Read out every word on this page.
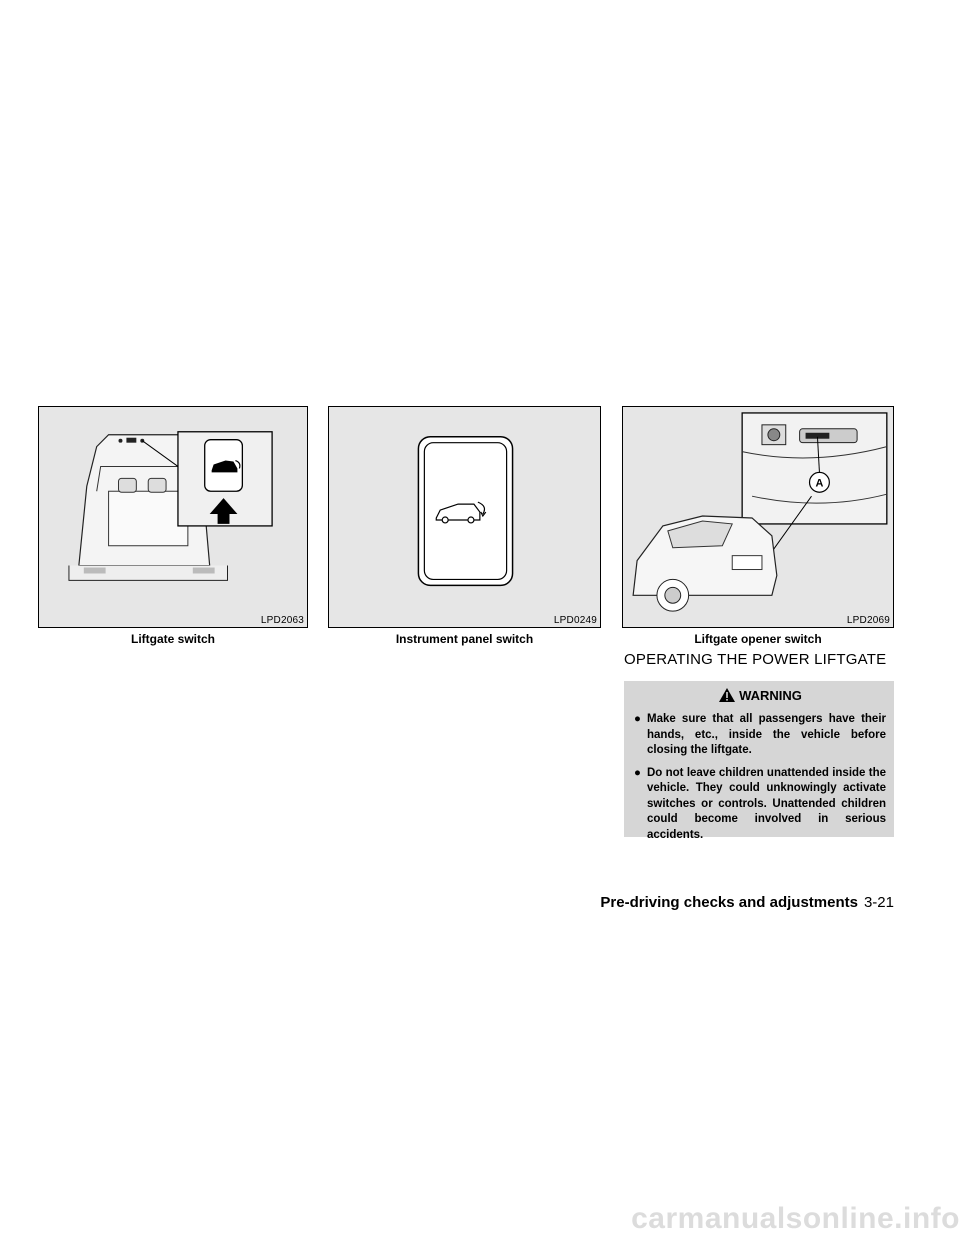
LPD2063
Liftgate switch
LPD0249
Instrument panel switch
A
LPD2069
Liftgate opener switch
OPERATING THE POWER LIFTGATE
WARNING
● Make sure that all passengers have their hands, etc., inside the vehicle before closing the liftgate.
● Do not leave children unattended inside the vehicle. They could unknowingly activate switches or controls. Unattended children could become involved in serious accidents.
Pre-driving checks and adjustments 3-21
carmanualsonline.info
